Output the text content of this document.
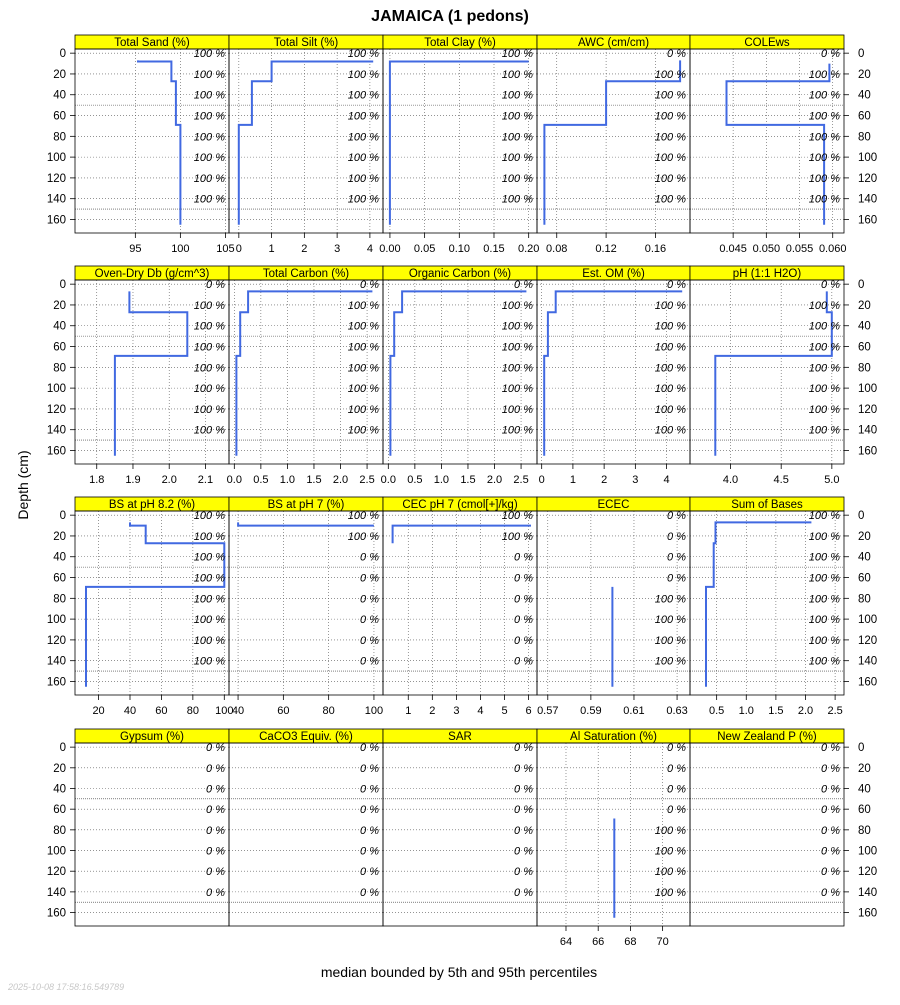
JAMAICA (1 pedons)
median bounded by 5th and 95th percentiles
Depth (cm)
2025-10-08 17:58:16.549789
Total Sand (%)
100 %
100 %
100 %
100 %
100 %
100 %
100 %
100 %
95	100 105
0
20
40
60
80
100
120
140
160
Total Silt (%)
100 %
100 %
100 %
100 %
100 %
100 %
100 %
100 %
0 1 2 3 4
Total Clay (%)
100 %
100 %
100 %
100 %
100 %
100 %
100 %
100 %
0.00 0.05 0.10 0.15 0.20
AWC (cm/cm)
0 %
100 %
100 %
100 %
100 %
100 %
100 %
100 %
0.08	0.12	0.16
COLEws
0 %
100 %
100 %
100 %
100 %
100 %
100 %
100 %
0.045 0.050 0.055 0.060
0
20
40
60
80
100
120
140
160
Oven-Dry Db (g/cm^3)
0 %
100 %
100 %
100 %
100 %
100 %
100 %
100 %
1.8 1.9 2.0 2.1
0
20
40
60
80
100
120
140
160
Total Carbon (%)
0 %
100 %
100 %
100 %
100 %
100 %
100 %
100 %
0.0 0.5 1.0 1.5 2.0 2.5
Organic Carbon (%)
0 %
100 %
100 %
100 %
100 %
100 %
100 %
100 %
0.0 0.5 1.0 1.5 2.0 2.5
Est. OM (%)
0 %
100 %
100 %
100 %
100 %
100 %
100 %
100 %
0 1 2 3 4
pH (1:1 H2O)
0 %
100 %
100 %
100 %
100 %
100 %
100 %
100 %
4.0	4.5	5.0
0
20
40
60
80
100
120
140
160
BS at pH 8.2 (%)
100 %
100 %
100 %
100 %
100 %
100 %
100 %
100 %
20 40 60 80 100
0
20
40
60
80
100
120
140
160
BS at pH 7 (%)
100 %
100 %
0 %
0 %
0 %
0 %
0 %
0 %
40	60	80	100
CEC pH 7 (cmol[+]/kg)
100 %
100 %
0 %
0 %
0 %
0 %
0 %
0 %
1 2 3 4 5 6
ECEC
0 %
0 %
0 %
0 %
100 %
100 %
100 %
100 %
0.57 0.59 0.61 0.63
Sum of Bases
100 %
100 %
100 %
100 %
100 %
100 %
100 %
100 %
0.5 1.0 1.5 2.0 2.5
0
20
40
60
80
100
120
140
160
Gypsum (%)
0 %
0 %
0 %
0 %
0 %
0 %
0 %
0 %
0
20
40
60
80
100
120
140
160
CaCO3 Equiv. (%)
0 %
0 %
0 %
0 %
0 %
0 %
0 %
0 %
SAR
0 %
0 %
0 %
0 %
0 %
0 %
0 %
0 %
Al Saturation (%)
0 %
0 %
0 %
0 %
100 %
100 %
100 %
100 %
64 66 68 70
New Zealand P (%)
0 %
0 %
0 %
0 %
0 %
0 %
0 %
0 %
0
20
40
60
80
100
120
140
160
